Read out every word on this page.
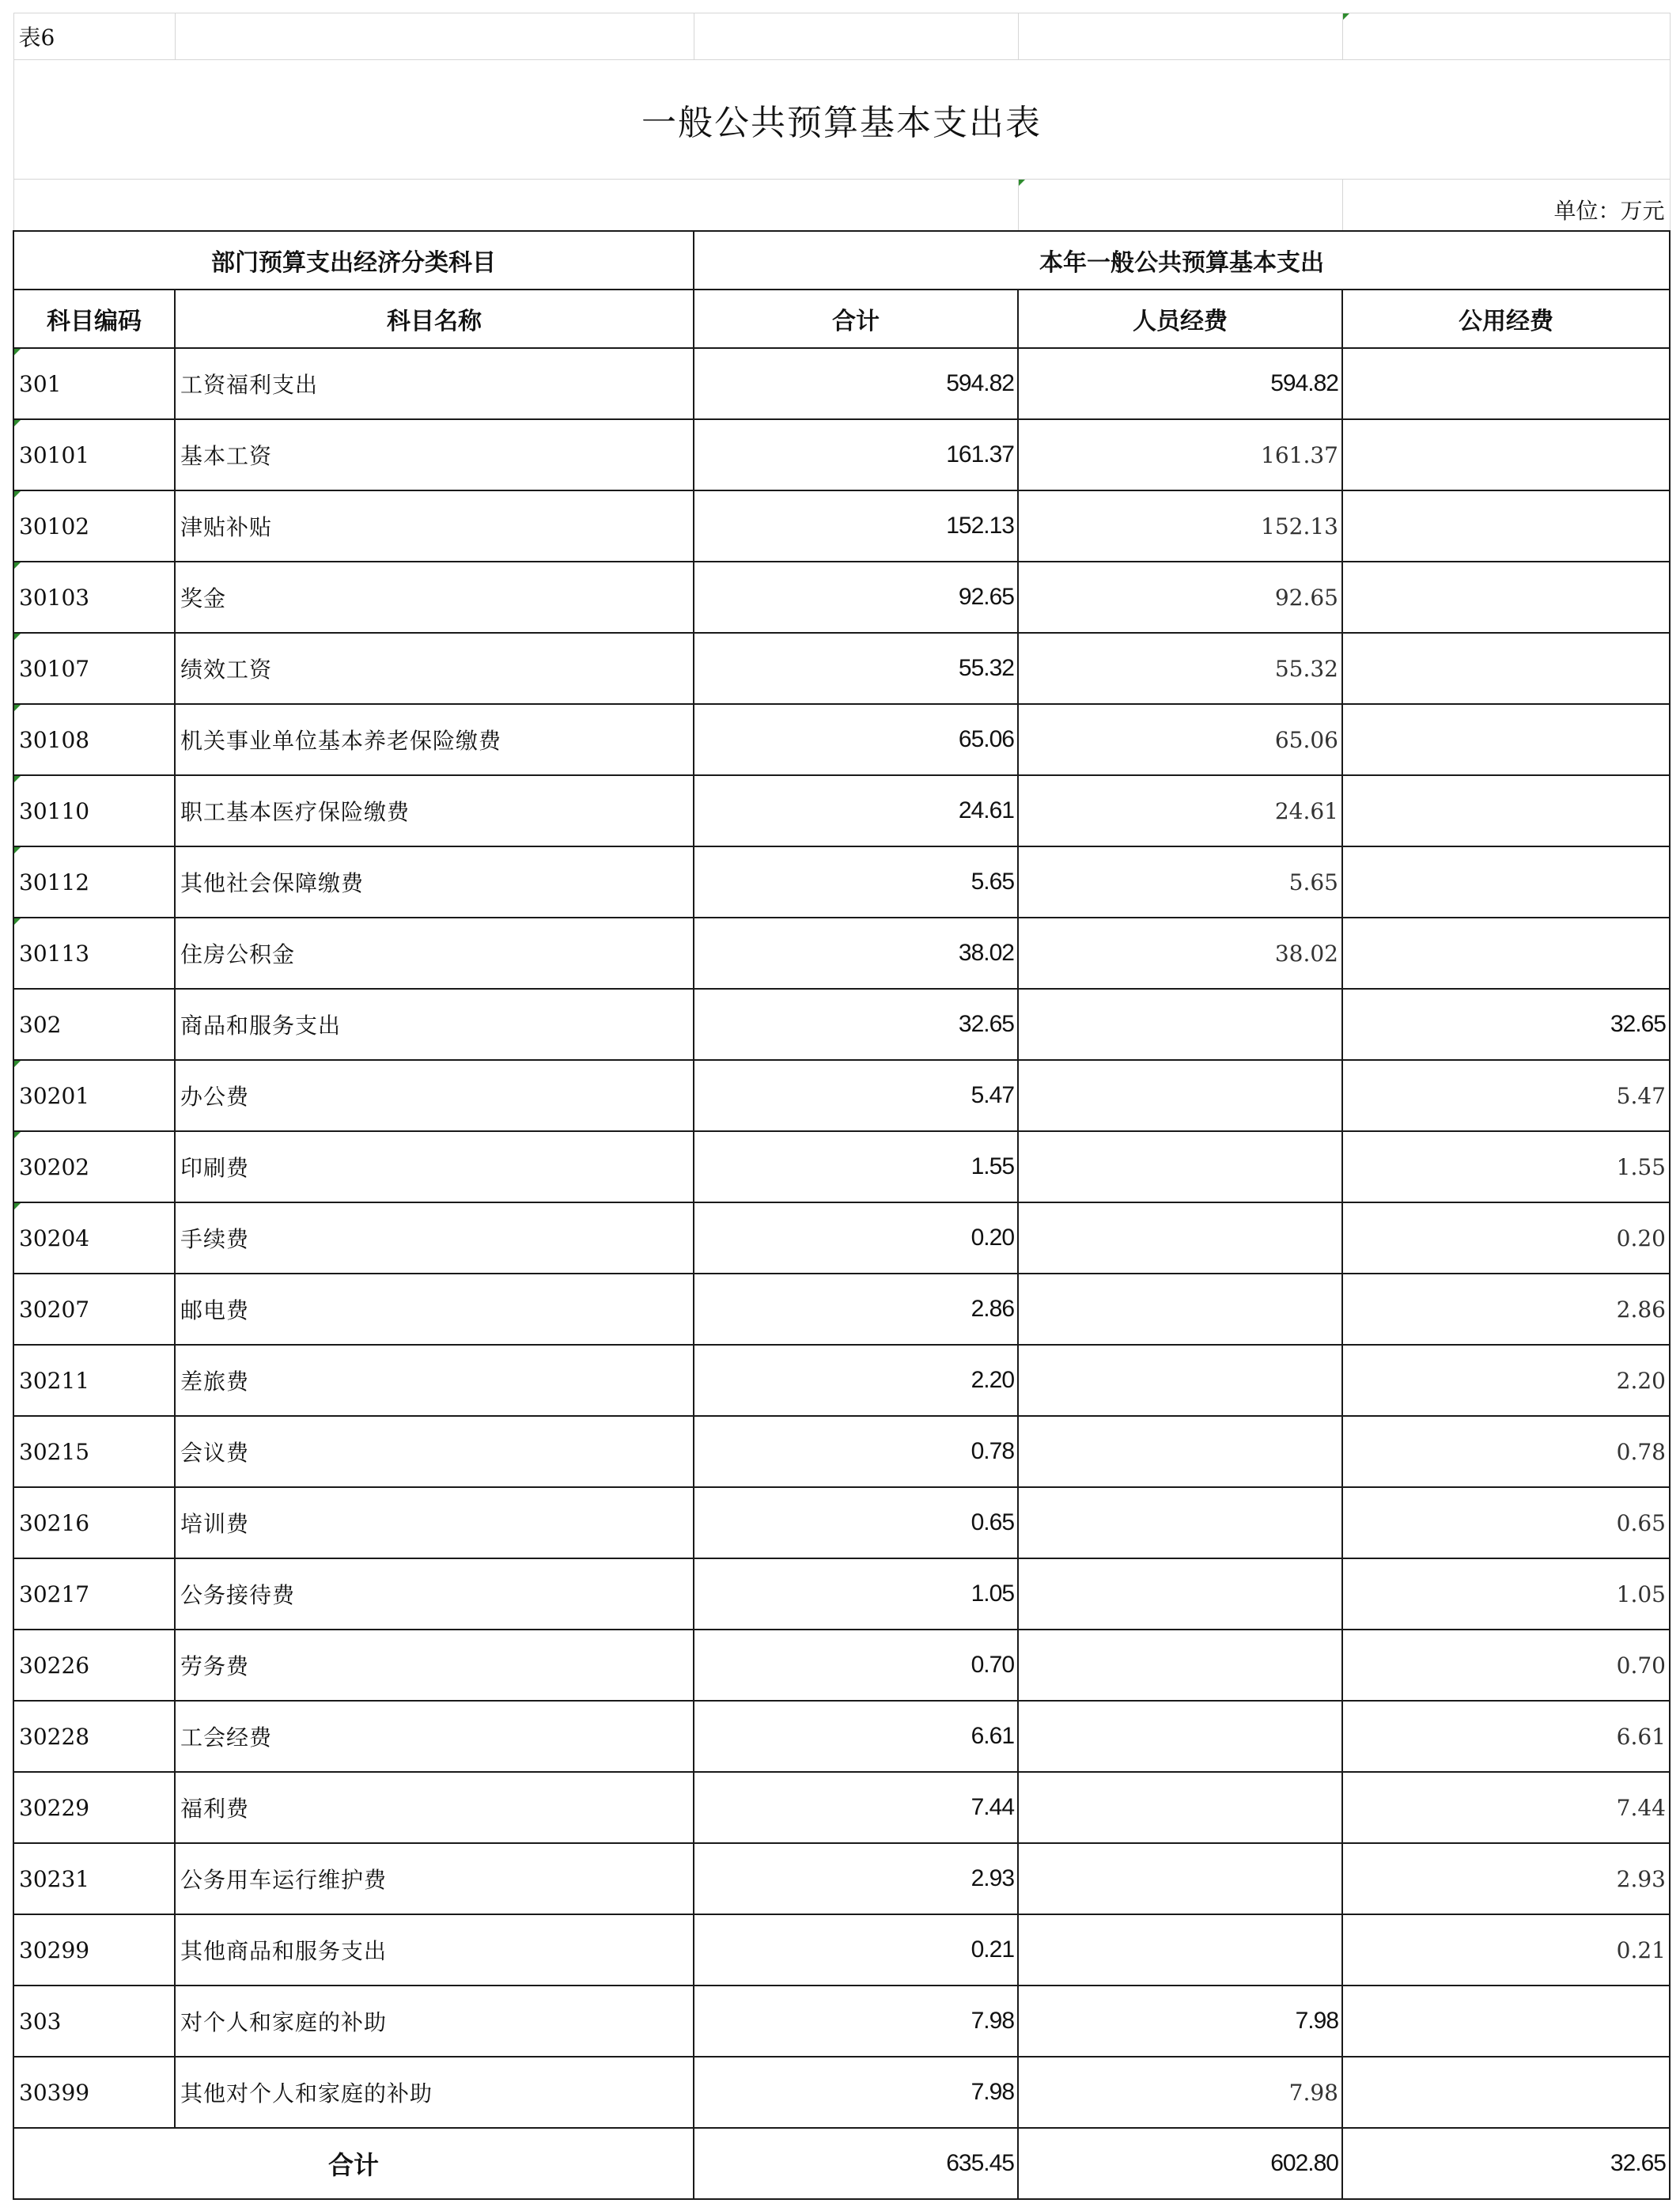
表6				

一般公共预算基本支出表				

			单位：万元
部门预算支出经济分类科目		本年一般公共预算基本支出		
科目编码	科目名称	合计	人员经费	公用经费

301	工资福利支出	594.82	594.82	

30101	基本工资	161.37	161.37	

30102	津贴补贴	152.13	152.13	

30103	奖金	92.65	92.65	

30107	绩效工资	55.32	55.32	

30108	机关事业单位基本养老保险缴费	65.06	65.06	

30110	职工基本医疗保险缴费	24.61	24.61	

30112	其他社会保障缴费	5.65	5.65	

30113	住房公积金	38.02	38.02	
302	商品和服务支出	32.65		32.65

30201	办公费	5.47		5.47

30202	印刷费	1.55		1.55

30204	手续费	0.20		0.20
30207	邮电费	2.86		2.86
30211	差旅费	2.20		2.20
30215	会议费	0.78		0.78
30216	培训费	0.65		0.65
30217	公务接待费	1.05		1.05
30226	劳务费	0.70		0.70
30228	工会经费	6.61		6.61
30229	福利费	7.44		7.44
30231	公务用车运行维护费	2.93		2.93
30299	其他商品和服务支出	0.21		0.21
303	对个人和家庭的补助	7.98	7.98	
30399	其他对个人和家庭的补助	7.98	7.98	
合计		635.45	602.80	32.65
